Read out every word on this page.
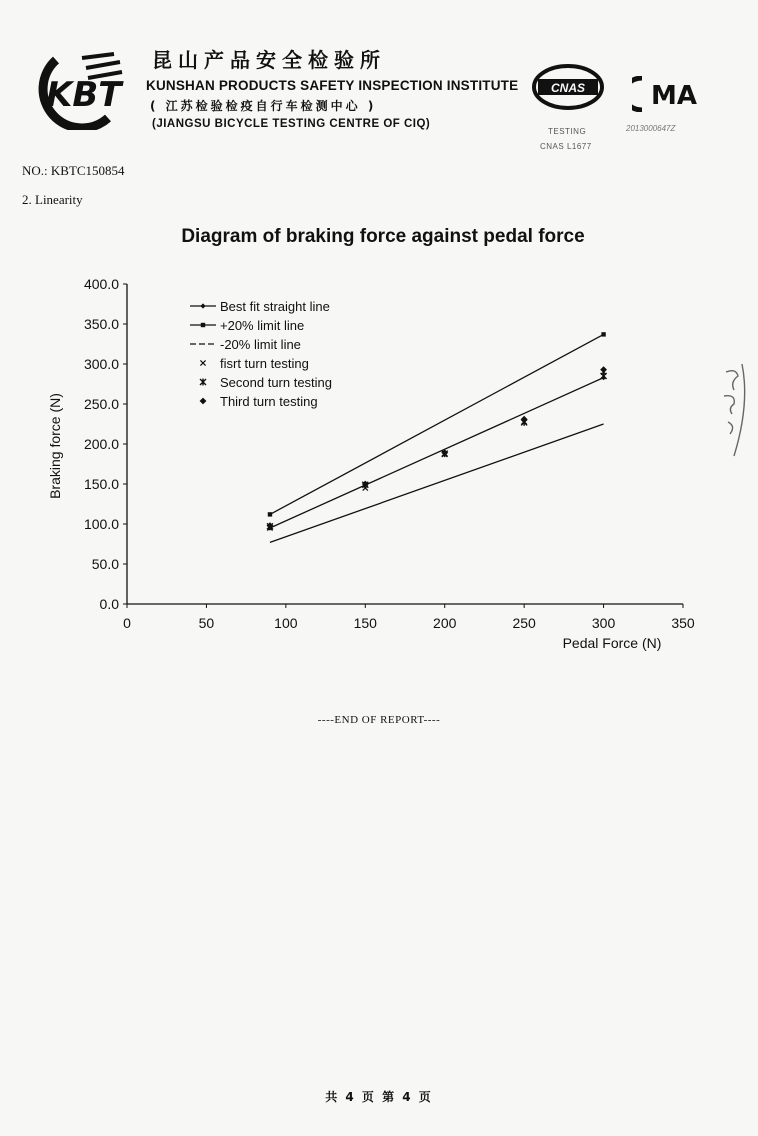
KBT
昆山产品安全检验所
KUNSHAN PRODUCTS SAFETY INSPECTION INSTITUTE
( 江苏检验检疫自行车检测中心 )
(JIANGSU BICYCLE TESTING CENTRE OF CIQ)
CNAS
TESTING
CNAS L1677
MA
2013000647Z
NO.: KBTC150854
2. Linearity
Diagram of braking force against pedal force
0.0
50.0
100.0
150.0
200.0
250.0
300.0
350.0
400.0
0	50	100	150	200	250	300	350
Pedal Force (N)
Braking force (N)
Best fit straight line
+20% limit line
-20% limit line
fisrt turn testing
Second turn testing
Third turn testing
----END OF REPORT----
共 4 页 第 4 页
